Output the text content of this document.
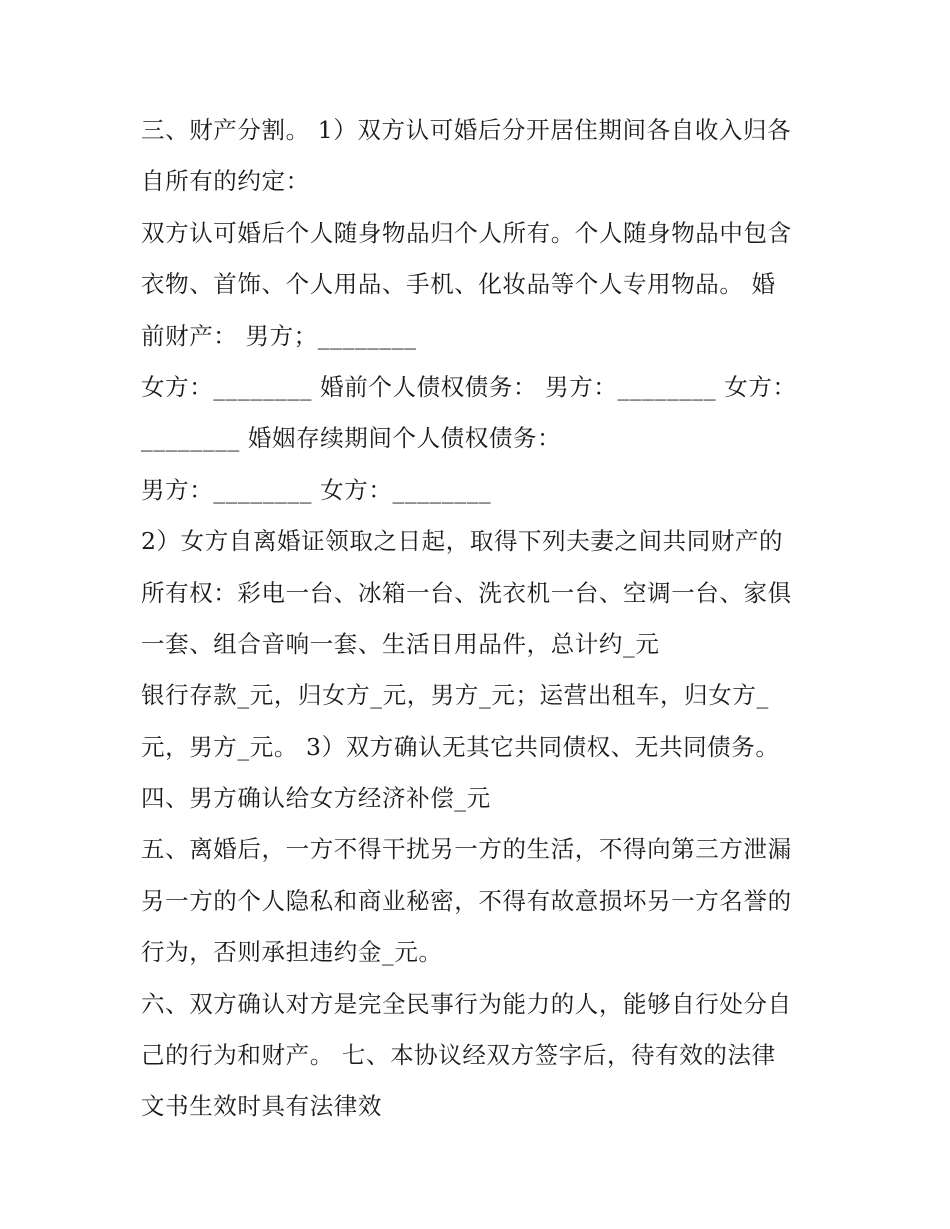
三、财产分割。 1）双方认可婚后分开居住期间各自收入归各
自所有的约定：
双方认可婚后个人随身物品归个人所有。个人随身物品中包含
衣物、首饰、个人用品、手机、化妆品等个人专用物品。 婚
前财产： 男方；________
女方：________ 婚前个人债权债务： 男方：________ 女方：
________ 婚姻存续期间个人债权债务：
男方：________ 女方：________
2）女方自离婚证领取之日起，取得下列夫妻之间共同财产的
所有权：彩电一台、冰箱一台、洗衣机一台、空调一台、家俱
一套、组合音响一套、生活日用品件，总计约_元
银行存款_元，归女方_元，男方_元；运营出租车，归女方_
元，男方_元。 3）双方确认无其它共同债权、无共同债务。
四、男方确认给女方经济补偿_元
五、离婚后，一方不得干扰另一方的生活，不得向第三方泄漏
另一方的个人隐私和商业秘密，不得有故意损坏另一方名誉的
行为，否则承担违约金_元。
六、双方确认对方是完全民事行为能力的人，能够自行处分自
己的行为和财产。 七、本协议经双方签字后，待有效的法律
文书生效时具有法律效
